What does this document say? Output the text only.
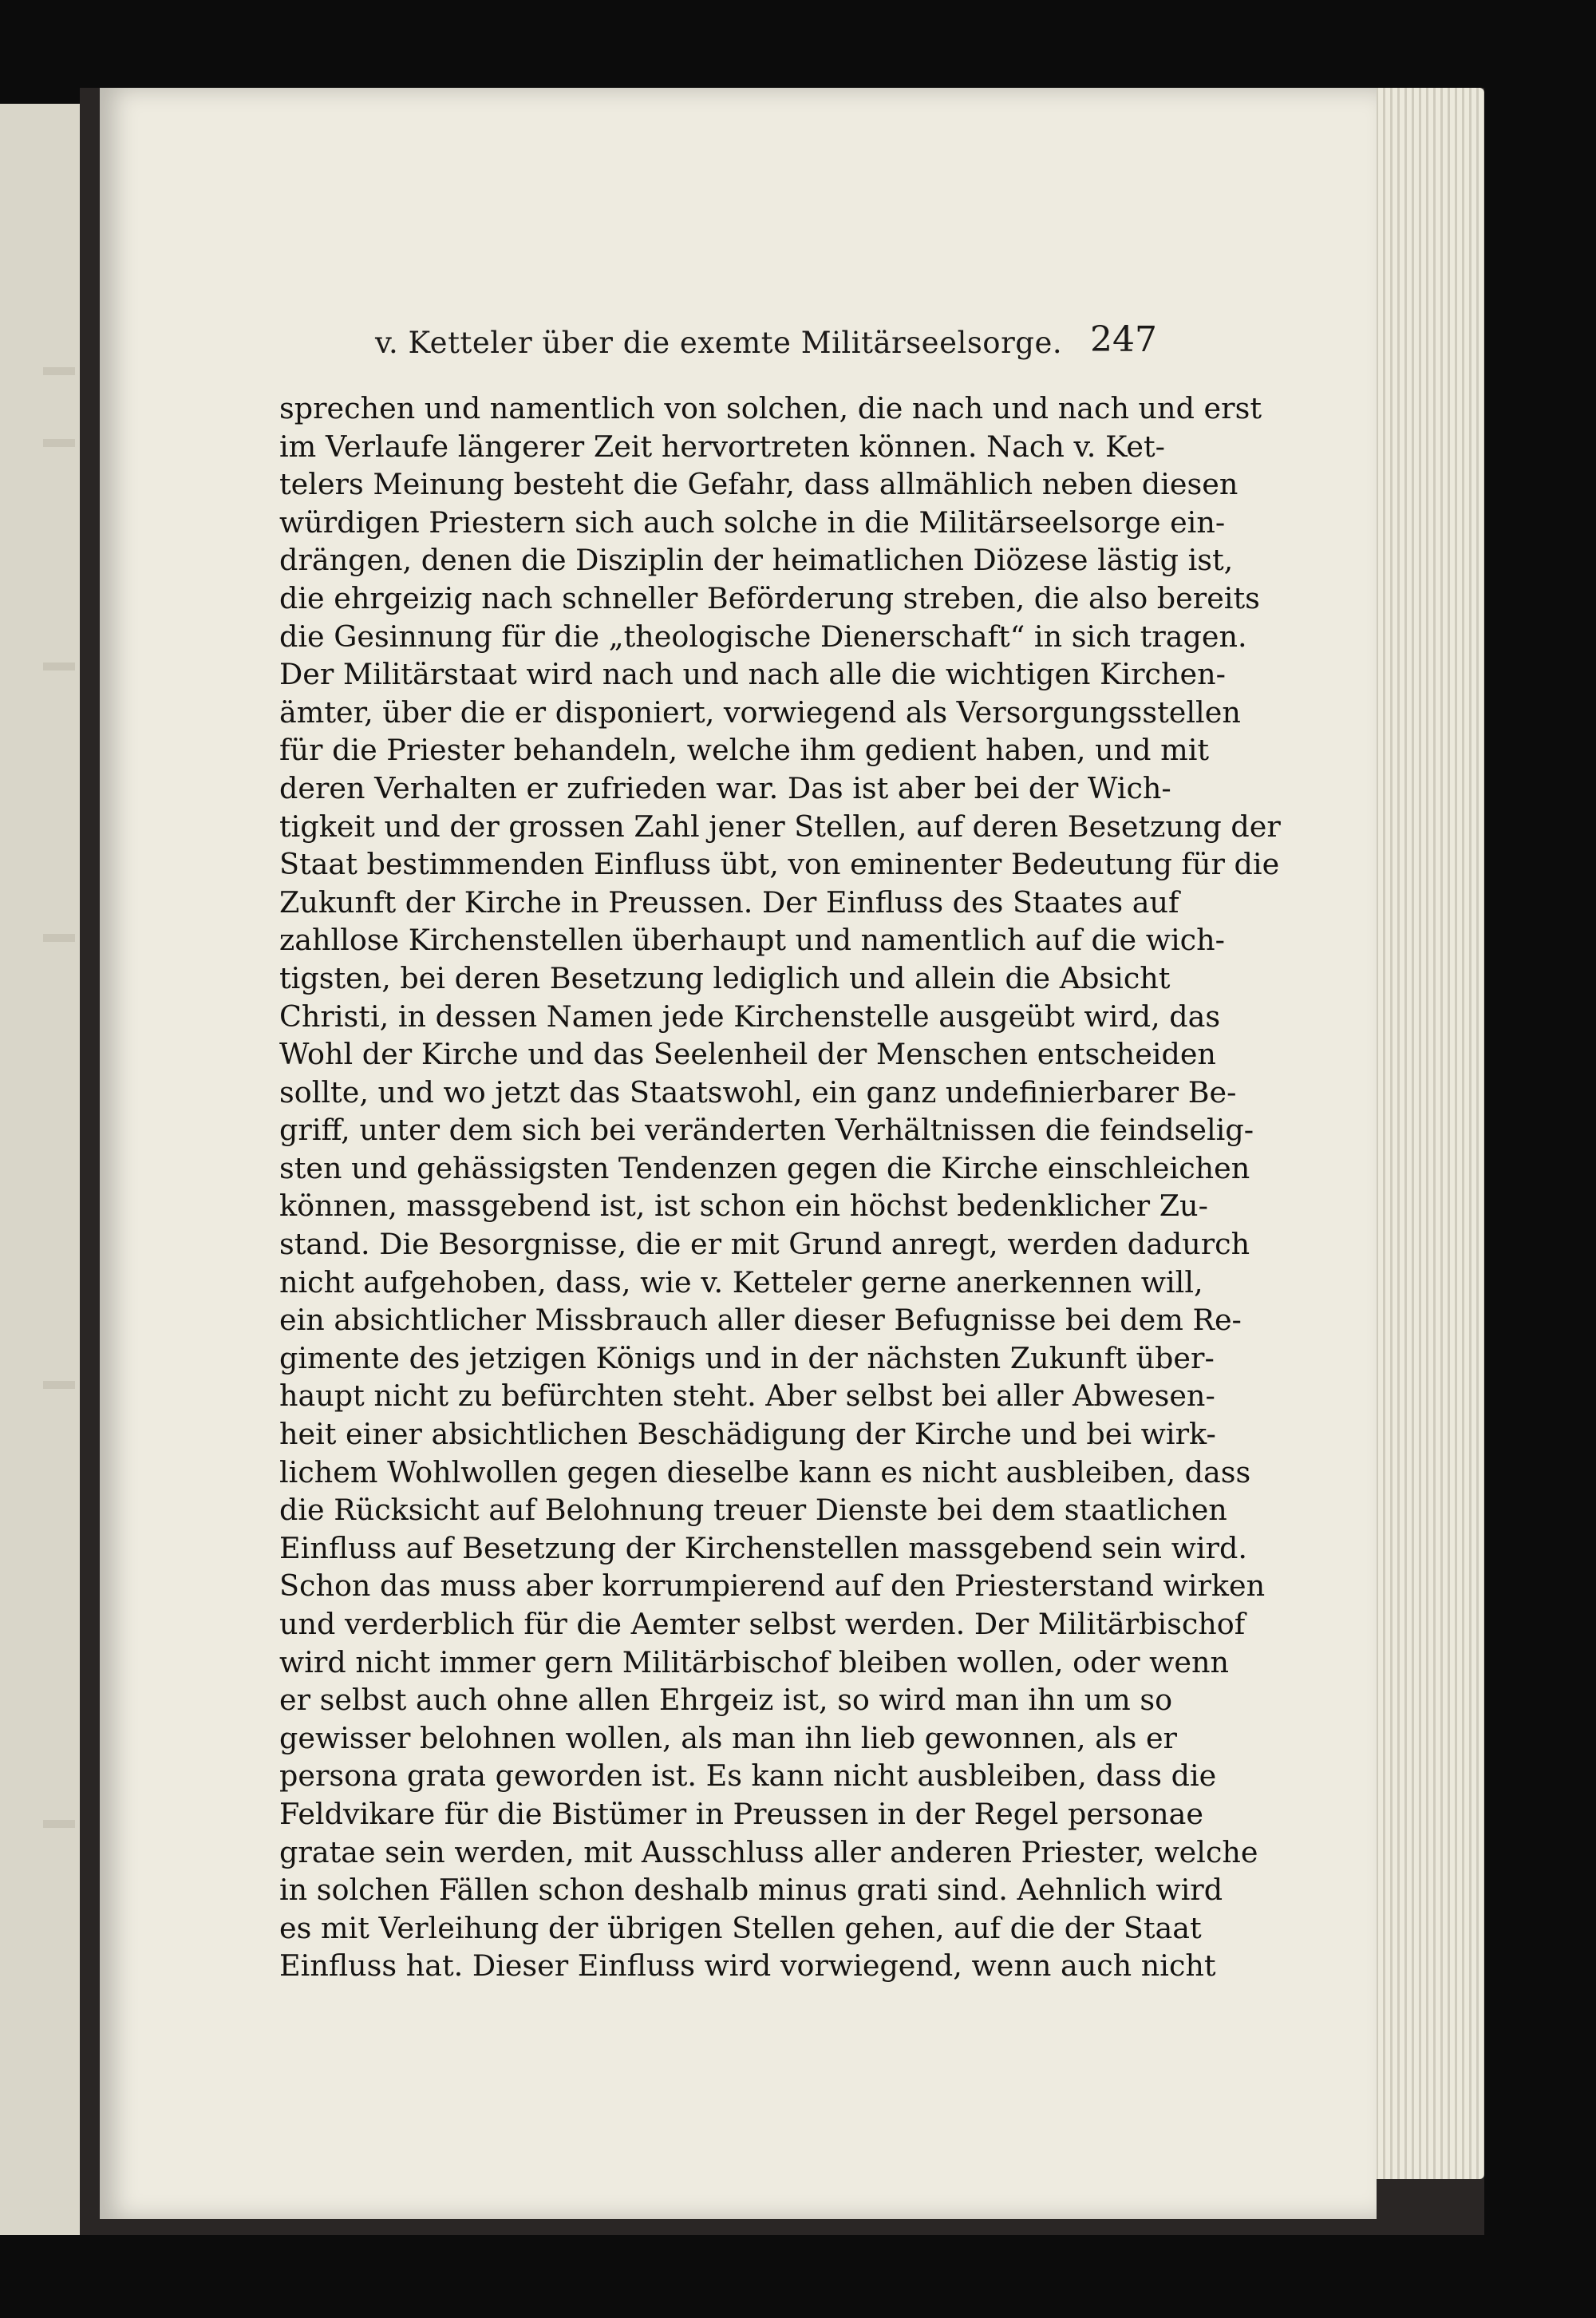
v. Ketteler über die exemte Militärseelsorge. 247
sprechen und namentlich von solchen, die nach und nach und erst
im Verlaufe längerer Zeit hervortreten können. Nach v. Ket-
telers Meinung besteht die Gefahr, dass allmählich neben diesen
würdigen Priestern sich auch solche in die Militärseelsorge ein-
drängen, denen die Disziplin der heimatlichen Diözese lästig ist,
die ehrgeizig nach schneller Beförderung streben, die also bereits
die Gesinnung für die „theologische Dienerschaft“ in sich tragen.
Der Militärstaat wird nach und nach alle die wichtigen Kirchen-
ämter, über die er disponiert, vorwiegend als Versorgungsstellen
für die Priester behandeln, welche ihm gedient haben, und mit
deren Verhalten er zufrieden war. Das ist aber bei der Wich-
tigkeit und der grossen Zahl jener Stellen, auf deren Besetzung der
Staat bestimmenden Einfluss übt, von eminenter Bedeutung für die
Zukunft der Kirche in Preussen. Der Einfluss des Staates auf
zahllose Kirchenstellen überhaupt und namentlich auf die wich-
tigsten, bei deren Besetzung lediglich und allein die Absicht
Christi, in dessen Namen jede Kirchenstelle ausgeübt wird, das
Wohl der Kirche und das Seelenheil der Menschen entscheiden
sollte, und wo jetzt das Staatswohl, ein ganz undefinierbarer Be-
griff, unter dem sich bei veränderten Verhältnissen die feindselig-
sten und gehässigsten Tendenzen gegen die Kirche einschleichen
können, massgebend ist, ist schon ein höchst bedenklicher Zu-
stand. Die Besorgnisse, die er mit Grund anregt, werden dadurch
nicht aufgehoben, dass, wie v. Ketteler gerne anerkennen will,
ein absichtlicher Missbrauch aller dieser Befugnisse bei dem Re-
gimente des jetzigen Königs und in der nächsten Zukunft über-
haupt nicht zu befürchten steht. Aber selbst bei aller Abwesen-
heit einer absichtlichen Beschädigung der Kirche und bei wirk-
lichem Wohlwollen gegen dieselbe kann es nicht ausbleiben, dass
die Rücksicht auf Belohnung treuer Dienste bei dem staatlichen
Einfluss auf Besetzung der Kirchenstellen massgebend sein wird.
Schon das muss aber korrumpierend auf den Priesterstand wirken
und verderblich für die Aemter selbst werden. Der Militärbischof
wird nicht immer gern Militärbischof bleiben wollen, oder wenn
er selbst auch ohne allen Ehrgeiz ist, so wird man ihn um so
gewisser belohnen wollen, als man ihn lieb gewonnen, als er
persona grata geworden ist. Es kann nicht ausbleiben, dass die
Feldvikare für die Bistümer in Preussen in der Regel personae
gratae sein werden, mit Ausschluss aller anderen Priester, welche
in solchen Fällen schon deshalb minus grati sind. Aehnlich wird
es mit Verleihung der übrigen Stellen gehen, auf die der Staat
Einfluss hat. Dieser Einfluss wird vorwiegend, wenn auch nicht
